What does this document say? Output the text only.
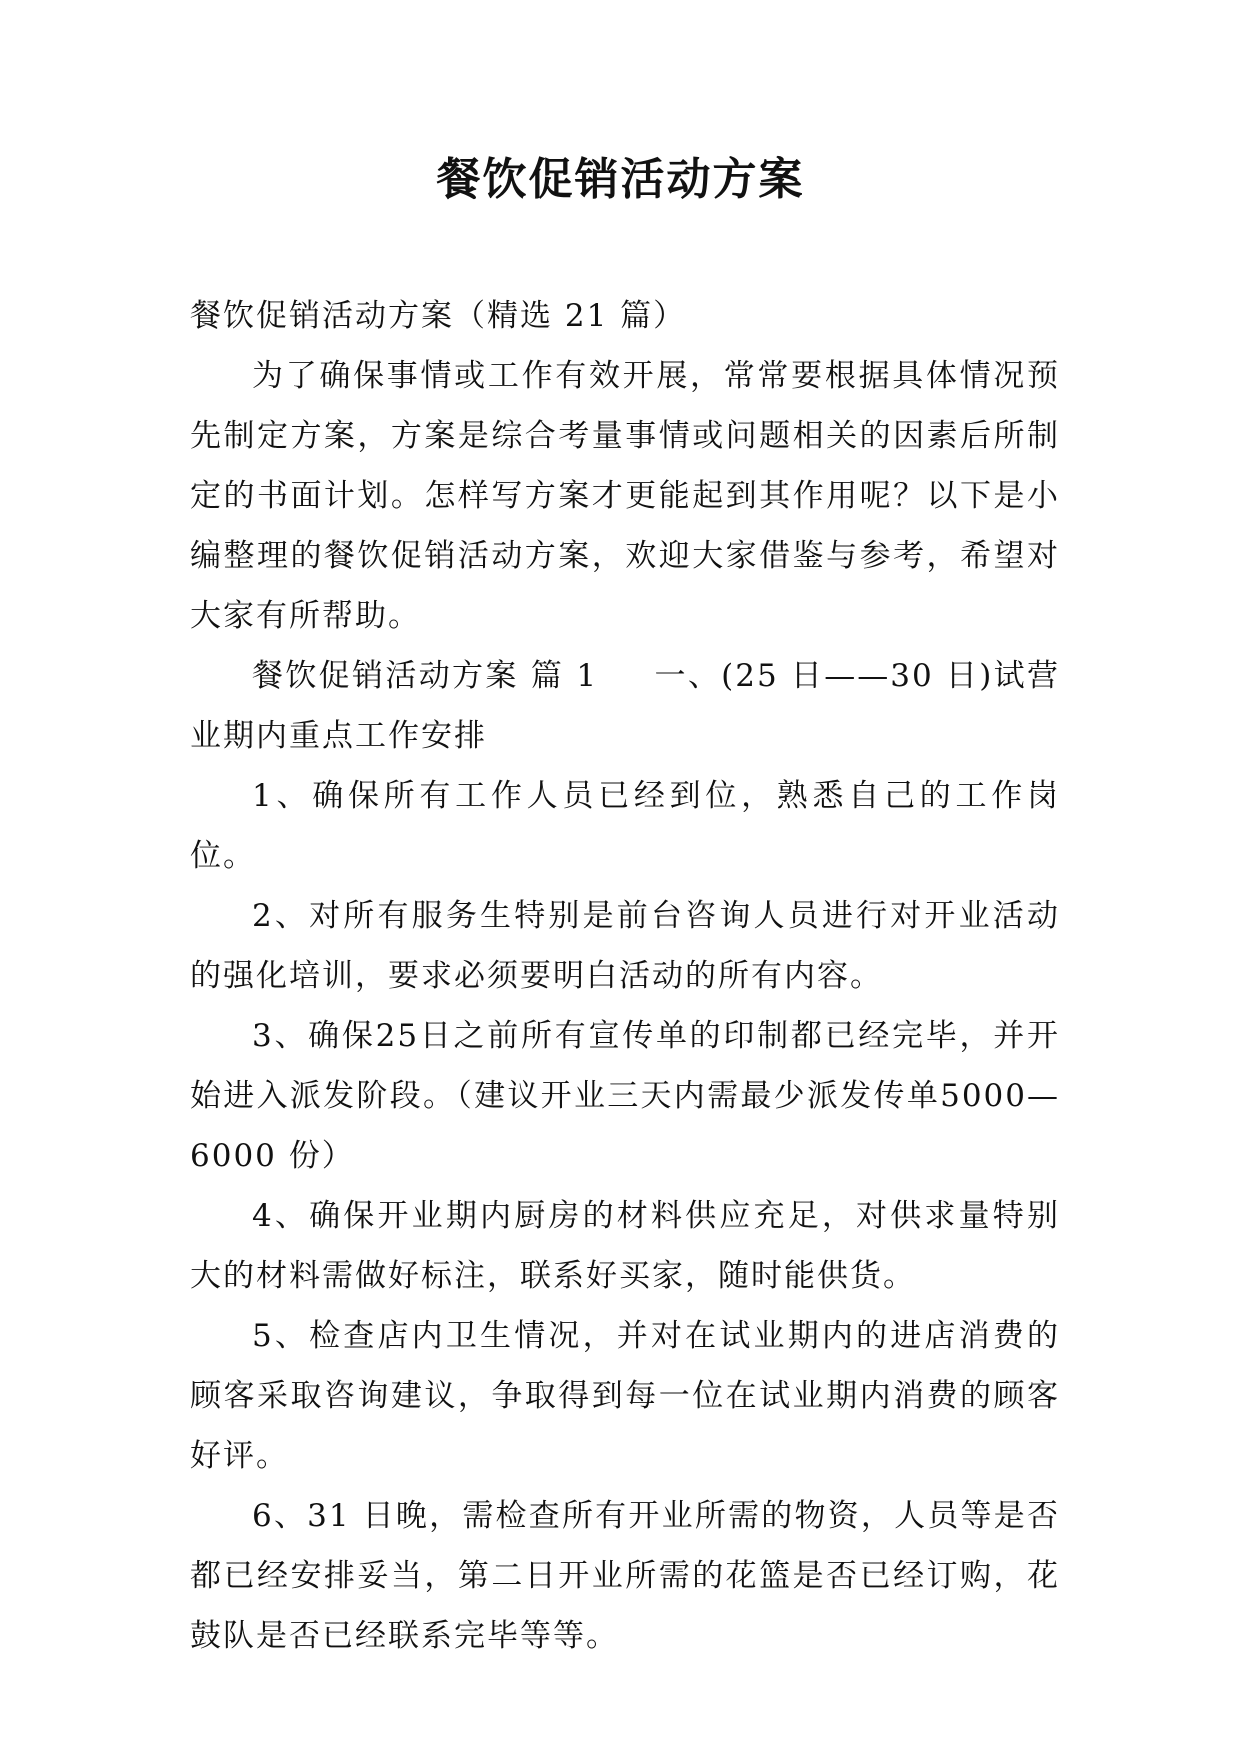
餐饮促销活动方案

餐饮促销活动方案（精选 21 篇）

为了确保事情或工作有效开展，常常要根据具体情况预先制定方案，方案是综合考量事情或问题相关的因素后所制定的书面计划。怎样写方案才更能起到其作用呢？以下是小编整理的餐饮促销活动方案，欢迎大家借鉴与参考，希望对大家有所帮助。

餐饮促销活动方案 篇 1 一、(25 日——30 日)试营业期内重点工作安排

1、确保所有工作人员已经到位，熟悉自己的工作岗位。

2、对所有服务生特别是前台咨询人员进行对开业活动的强化培训，要求必须要明白活动的所有内容。

3、确保25日之前所有宣传单的印制都已经完毕，并开始进入派发阶段。（建议开业三天内需最少派发传单5000—6000 份）

4、确保开业期内厨房的材料供应充足，对供求量特别大的材料需做好标注，联系好买家，随时能供货。

5、检查店内卫生情况，并对在试业期内的进店消费的顾客采取咨询建议，争取得到每一位在试业期内消费的顾客好评。

6、31 日晚，需检查所有开业所需的物资，人员等是否都已经安排妥当，第二日开业所需的花篮是否已经订购，花鼓队是否已经联系完毕等等。
